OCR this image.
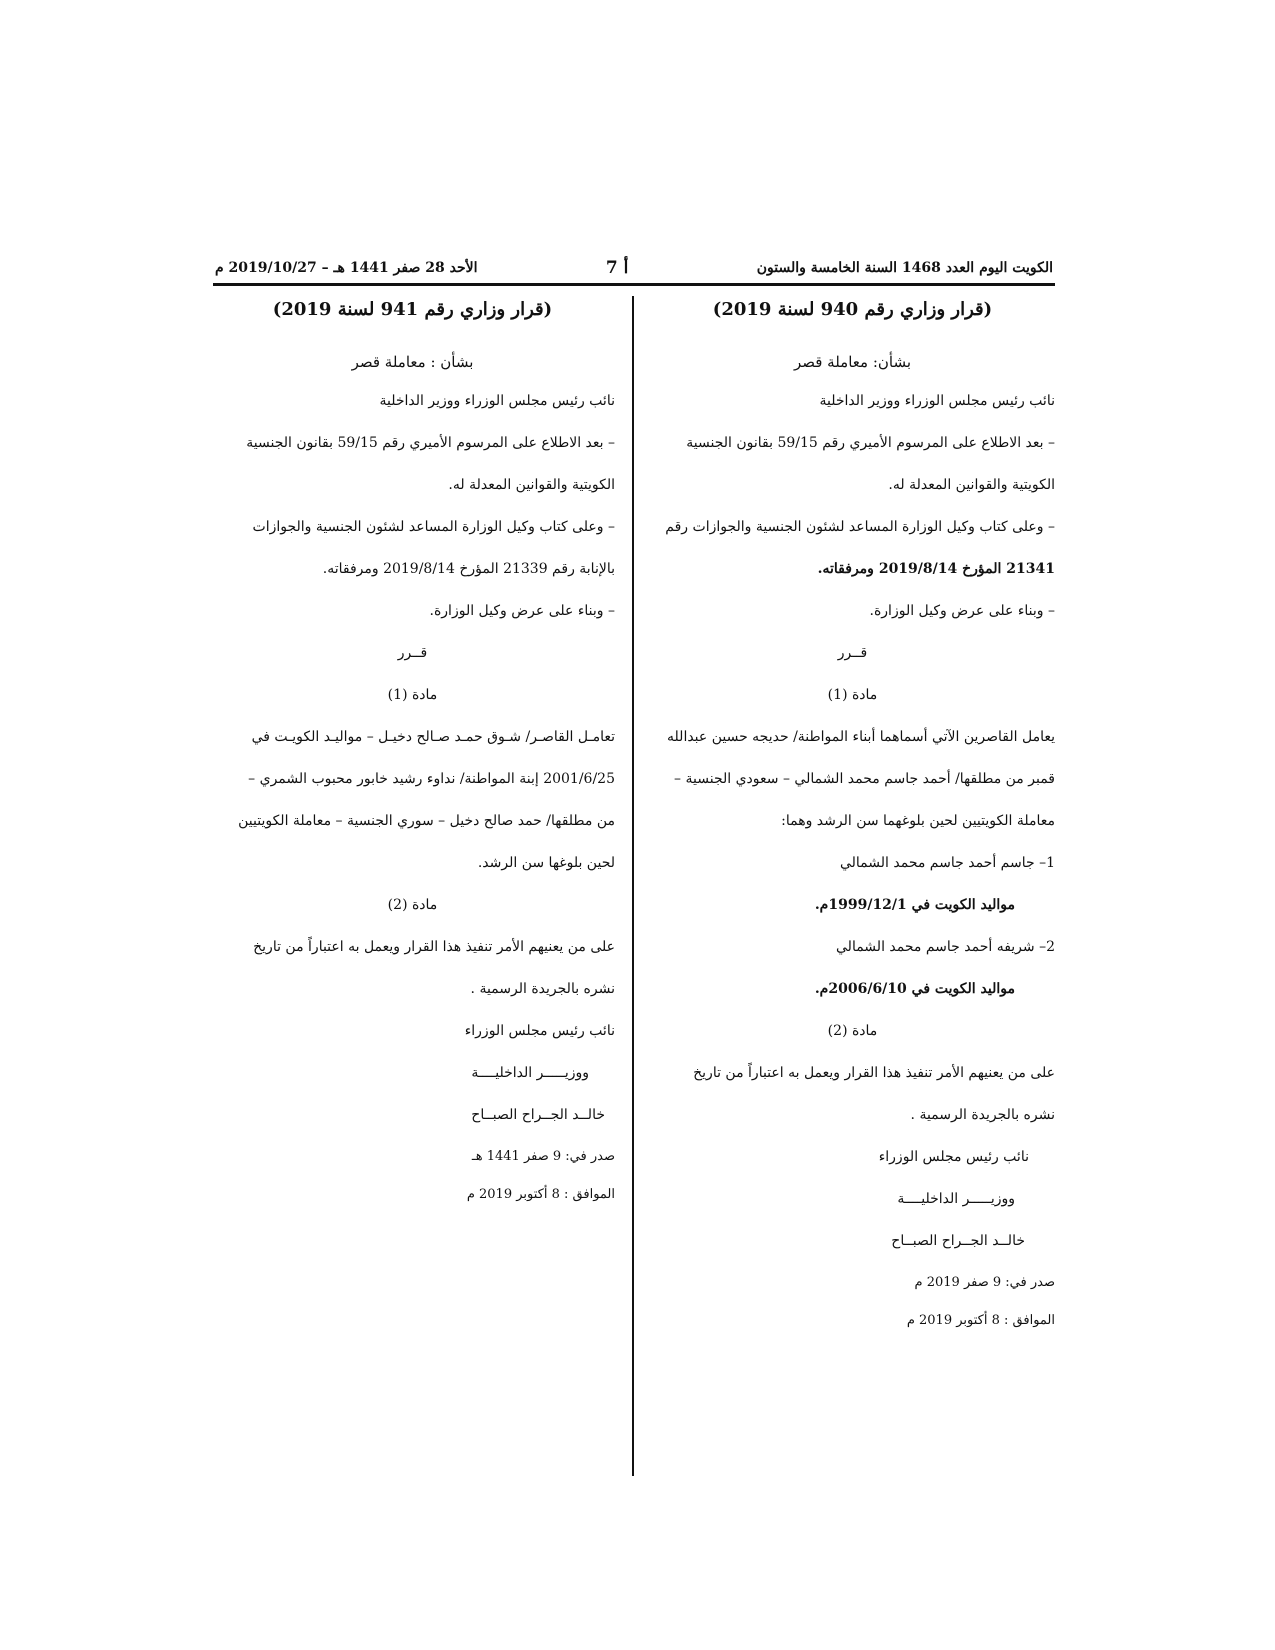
الكويت اليوم العدد 1468 السنة الخامسة والستون
أ 7
الأحد 28 صفر 1441 هـ – 2019/10/27 م
(قرار وزاري رقم 940 لسنة 2019)
بشأن: معاملة قصر
نائب رئيس مجلس الوزراء ووزير الداخلية
– بعد الاطلاع على المرسوم الأميري رقم 59/15 بقانون الجنسية
الكويتية والقوانين المعدلة له.
– وعلى كتاب وكيل الوزارة المساعد لشئون الجنسية والجوازات رقم
21341 المؤرخ 2019/8/14 ومرفقاته.
– وبناء على عرض وكيل الوزارة.
قــرر
مادة (1)
يعامل القاصرين الآتي أسماهما أبناء المواطنة/ حديجه حسين عبدالله
قمبر من مطلقها/ أحمد جاسم محمد الشمالي – سعودي الجنسية –
معاملة الكويتيين لحين بلوغهما سن الرشد وهما:
1– جاسم أحمد جاسم محمد الشمالي
مواليد الكويت في 1999/12/1م.
2– شريفه أحمد جاسم محمد الشمالي
مواليد الكويت في 2006/6/10م.
مادة (2)
على من يعنيهم الأمر تنفيذ هذا القرار ويعمل به اعتباراً من تاريخ
نشره بالجريدة الرسمية .
نائب رئيس مجلس الوزراء
ووزيـــــر الداخليــــة
خالــد الجــراح الصبــاح
صدر في: 9 صفر 2019 م
الموافق : 8 أكتوبر 2019 م
(قرار وزاري رقم 941 لسنة 2019)
بشأن : معاملة قصر
نائب رئيس مجلس الوزراء ووزير الداخلية
– بعد الاطلاع على المرسوم الأميري رقم 59/15 بقانون الجنسية
الكويتية والقوانين المعدلة له.
– وعلى كتاب وكيل الوزارة المساعد لشئون الجنسية والجوازات
بالإنابة رقم 21339 المؤرخ 2019/8/14 ومرفقاته.
– وبناء على عرض وكيل الوزارة.
قــرر
مادة (1)
تعامـل القاصـر/ شـوق حمـد صـالح دخيـل – مواليـد الكويـت في
2001/6/25 إبنة المواطنة/ نداوء رشيد خابور محبوب الشمري –
من مطلقها/ حمد صالح دخيل – سوري الجنسية – معاملة الكويتيين
لحين بلوغها سن الرشد.
مادة (2)
على من يعنيهم الأمر تنفيذ هذا القرار ويعمل به اعتباراً من تاريخ
نشره بالجريدة الرسمية .
نائب رئيس مجلس الوزراء
ووزيـــــر الداخليــــة
خالــد الجــراح الصبــاح
صدر في: 9 صفر 1441 هـ
الموافق : 8 أكتوبر 2019 م
